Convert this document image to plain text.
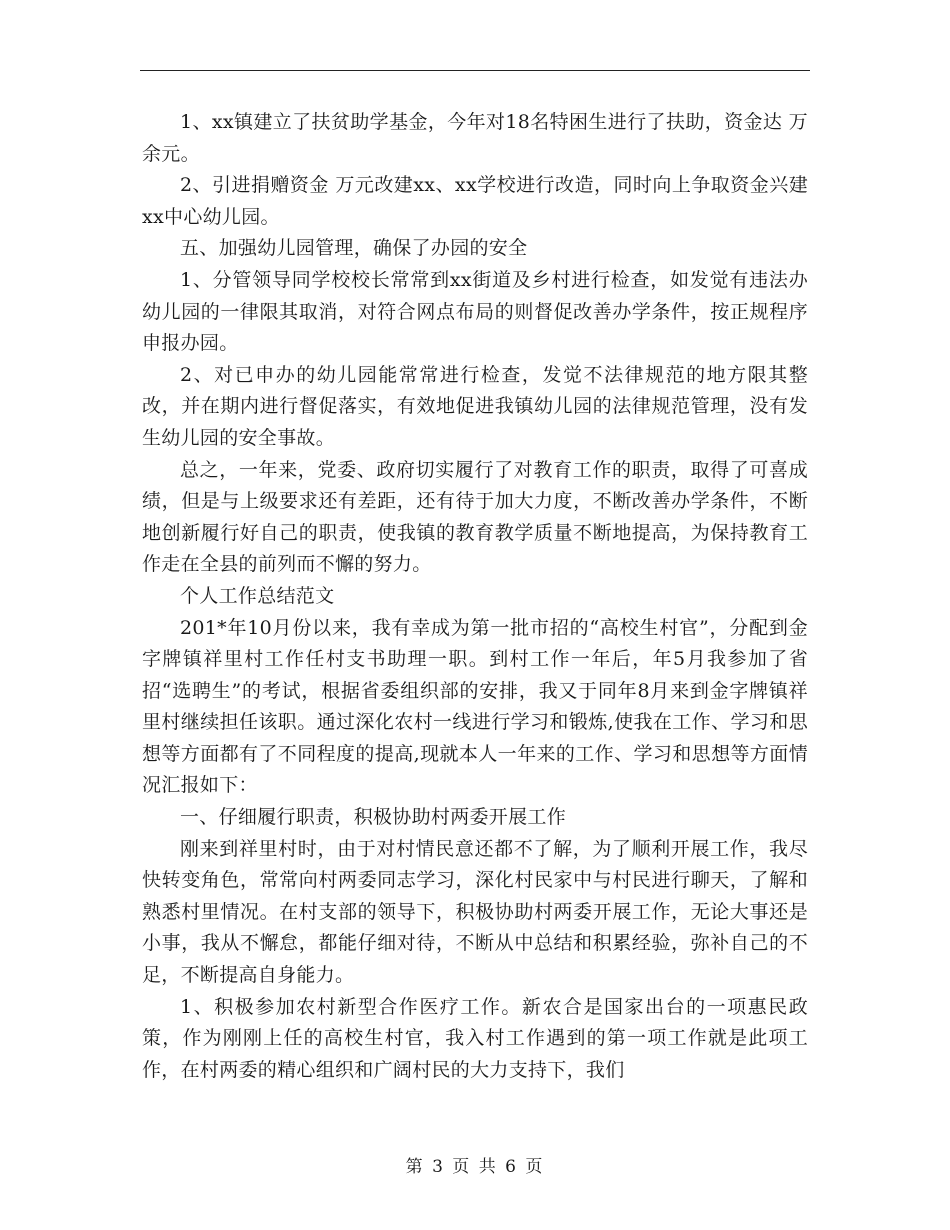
1、xx镇建立了扶贫助学基金，今年对18名特困生进行了扶助，资金达 万余元。

2、引进捐赠资金 万元改建xx、xx学校进行改造，同时向上争取资金兴建xx中心幼儿园。

五、加强幼儿园管理，确保了办园的安全

1、分管领导同学校校长常常到xx街道及乡村进行检查，如发觉有违法办幼儿园的一律限其取消，对符合网点布局的则督促改善办学条件，按正规程序申报办园。

2、对已申办的幼儿园能常常进行检查，发觉不法律规范的地方限其整改，并在期内进行督促落实，有效地促进我镇幼儿园的法律规范管理，没有发生幼儿园的安全事故。

总之，一年来，党委、政府切实履行了对教育工作的职责，取得了可喜成绩，但是与上级要求还有差距，还有待于加大力度，不断改善办学条件，不断地创新履行好自己的职责，使我镇的教育教学质量不断地提高，为保持教育工作走在全县的前列而不懈的努力。

个人工作总结范文

201*年10月份以来，我有幸成为第一批市招的“高校生村官”，分配到金字牌镇祥里村工作任村支书助理一职。到村工作一年后，年5月我参加了省招“选聘生”的考试，根据省委组织部的安排，我又于同年8月来到金字牌镇祥里村继续担任该职。通过深化农村一线进行学习和锻炼,使我在工作、学习和思想等方面都有了不同程度的提高,现就本人一年来的工作、学习和思想等方面情况汇报如下：

一、仔细履行职责，积极协助村两委开展工作

刚来到祥里村时，由于对村情民意还都不了解，为了顺利开展工作，我尽快转变角色，常常向村两委同志学习，深化村民家中与村民进行聊天，了解和熟悉村里情况。在村支部的领导下，积极协助村两委开展工作，无论大事还是小事，我从不懈怠，都能仔细对待，不断从中总结和积累经验，弥补自己的不足，不断提高自身能力。

1、积极参加农村新型合作医疗工作。新农合是国家出台的一项惠民政策，作为刚刚上任的高校生村官，我入村工作遇到的第一项工作就是此项工作，在村两委的精心组织和广阔村民的大力支持下，我们

第 3 页 共 6 页
